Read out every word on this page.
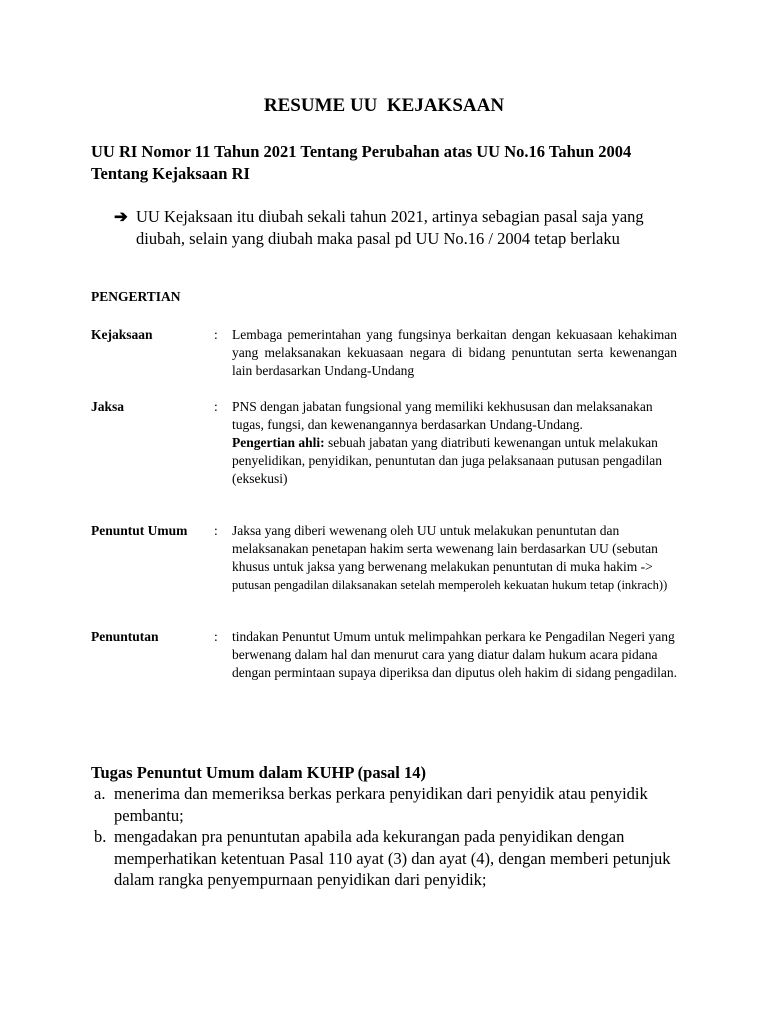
RESUME UU  KEJAKSAAN
UU RI Nomor 11 Tahun 2021 Tentang Perubahan atas UU No.16 Tahun 2004 Tentang Kejaksaan RI
➔ UU Kejaksaan itu diubah sekali tahun 2021, artinya sebagian pasal saja yang diubah, selain yang diubah maka pasal pd UU No.16 / 2004 tetap berlaku
PENGERTIAN
Kejaksaan	: Lembaga pemerintahan yang fungsinya berkaitan dengan kekuasaan kehakiman yang melaksanakan kekuasaan negara di bidang penuntutan serta kewenangan lain berdasarkan Undang-Undang
Jaksa	: PNS dengan jabatan fungsional yang memiliki kekhususan dan melaksanakan tugas, fungsi, dan kewenangannya berdasarkan Undang-Undang.
Pengertian ahli: sebuah jabatan yang diatributi kewenangan untuk melakukan penyelidikan, penyidikan, penuntutan dan juga pelaksanaan putusan pengadilan (eksekusi)
Penuntut Umum : Jaksa yang diberi wewenang oleh UU untuk melakukan penuntutan dan melaksanakan penetapan hakim serta wewenang lain berdasarkan UU (sebutan khusus untuk jaksa yang berwenang melakukan penuntutan di muka hakim -> putusan pengadilan dilaksanakan setelah memperoleh kekuatan hukum tetap (inkrach))
Penuntutan	: tindakan Penuntut Umum untuk melimpahkan perkara ke Pengadilan Negeri yang berwenang dalam hal dan menurut cara yang diatur dalam hukum acara pidana dengan permintaan supaya diperiksa dan diputus oleh hakim di sidang pengadilan.
Tugas Penuntut Umum dalam KUHP (pasal 14)
a. menerima dan memeriksa berkas perkara penyidikan dari penyidik atau penyidik pembantu;
b. mengadakan pra penuntutan apabila ada kekurangan pada penyidikan dengan memperhatikan ketentuan Pasal 110 ayat (3) dan ayat (4), dengan memberi petunjuk dalam rangka penyempurnaan penyidikan dari penyidik;
